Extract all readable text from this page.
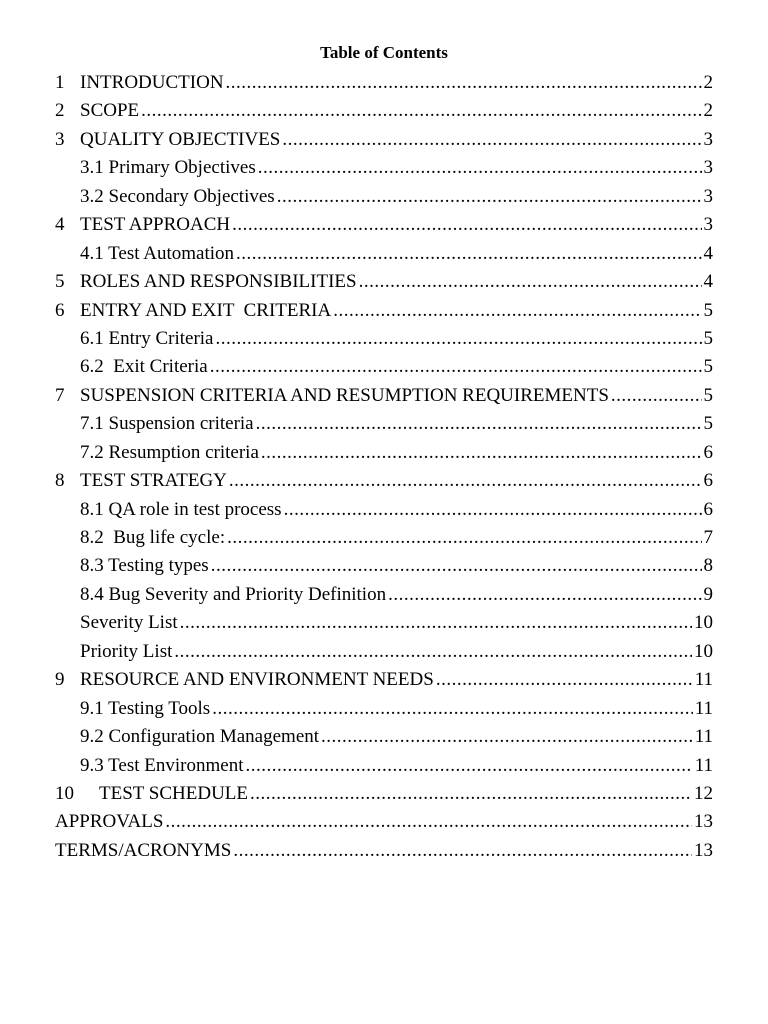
Table of Contents
1 INTRODUCTION .....	2
2 SCOPE .....	2
3 QUALITY OBJECTIVES .....	3
3.1 Primary Objectives .....	3
3.2 Secondary Objectives .....	3
4 TEST APPROACH .....	3
4.1 Test Automation .....	4
5 ROLES AND RESPONSIBILITIES .....	4
6 ENTRY AND EXIT  CRITERIA .....	5
6.1 Entry Criteria .....	5
6.2  Exit Criteria .....	5
7 SUSPENSION CRITERIA AND RESUMPTION REQUIREMENTS .....	5
7.1 Suspension criteria .....	5
7.2 Resumption criteria .....	6
8 TEST STRATEGY .....	6
8.1 QA role in test process .....	6
8.2  Bug life cycle: .....	7
8.3 Testing types .....	8
8.4 Bug Severity and Priority Definition .....	9
Severity List .....	10
Priority List .....	10
9 RESOURCE AND ENVIRONMENT NEEDS .....	11
9.1 Testing Tools .....	11
9.2 Configuration Management .....	11
9.3 Test Environment .....	11
10	TEST SCHEDULE .....	12
APPROVALS .....	13
TERMS/ACRONYMS .....	13
